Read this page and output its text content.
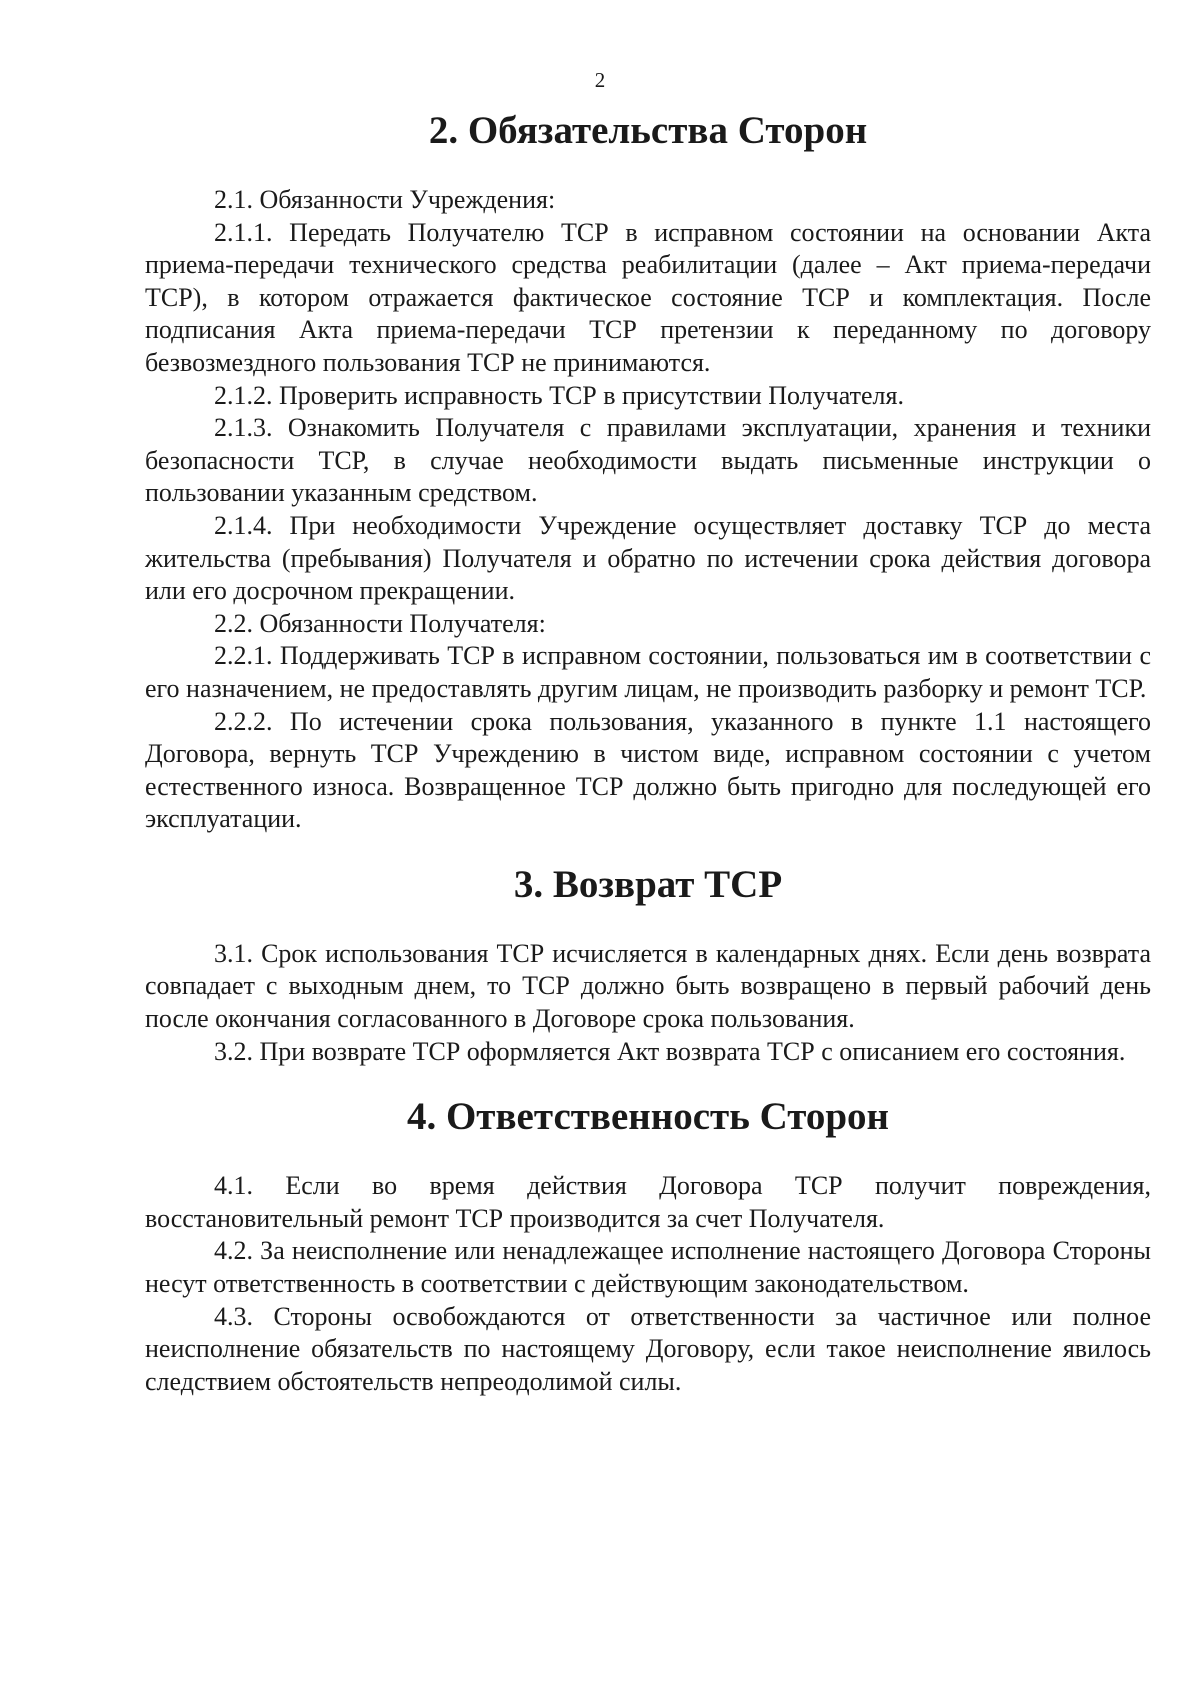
2
2. Обязательства Сторон

2.1. Обязанности Учреждения:

2.1.1. Передать Получателю ТСР в исправном состоянии на основании Акта приема-передачи технического средства реабилитации (далее – Акт приема-передачи ТСР), в котором отражается фактическое состояние ТСР и комплектация. После подписания Акта приема-передачи ТСР претензии к переданному по договору безвозмездного пользования ТСР не принимаются.

2.1.2. Проверить исправность ТСР в присутствии Получателя.

2.1.3. Ознакомить Получателя с правилами эксплуатации, хранения и техники безопасности ТСР, в случае необходимости выдать письменные инструкции о пользовании указанным средством.

2.1.4. При необходимости Учреждение осуществляет доставку ТСР до места жительства (пребывания) Получателя и обратно по истечении срока действия договора или его досрочном прекращении.

2.2. Обязанности Получателя:

2.2.1. Поддерживать ТСР в исправном состоянии, пользоваться им в соответствии с его назначением, не предоставлять другим лицам, не производить разборку и ремонт ТСР.

2.2.2. По истечении срока пользования, указанного в пункте 1.1 настоящего Договора, вернуть ТСР Учреждению в чистом виде, исправном состоянии с учетом естественного износа. Возвращенное ТСР должно быть пригодно для последующей его эксплуатации.

3. Возврат ТСР

3.1. Срок использования ТСР исчисляется в календарных днях. Если день возврата совпадает с выходным днем, то ТСР должно быть возвращено в первый рабочий день после окончания согласованного в Договоре срока пользования.

3.2. При возврате ТСР оформляется Акт возврата ТСР с описанием его состояния.

4. Ответственность Сторон

4.1. Если во время действия Договора ТСР получит повреждения, восстановительный ремонт ТСР производится за счет Получателя.

4.2. За неисполнение или ненадлежащее исполнение настоящего Договора Стороны несут ответственность в соответствии с действующим законодательством.

4.3. Стороны освобождаются от ответственности за частичное или полное неисполнение обязательств по настоящему Договору, если такое неисполнение явилось следствием обстоятельств непреодолимой силы.
